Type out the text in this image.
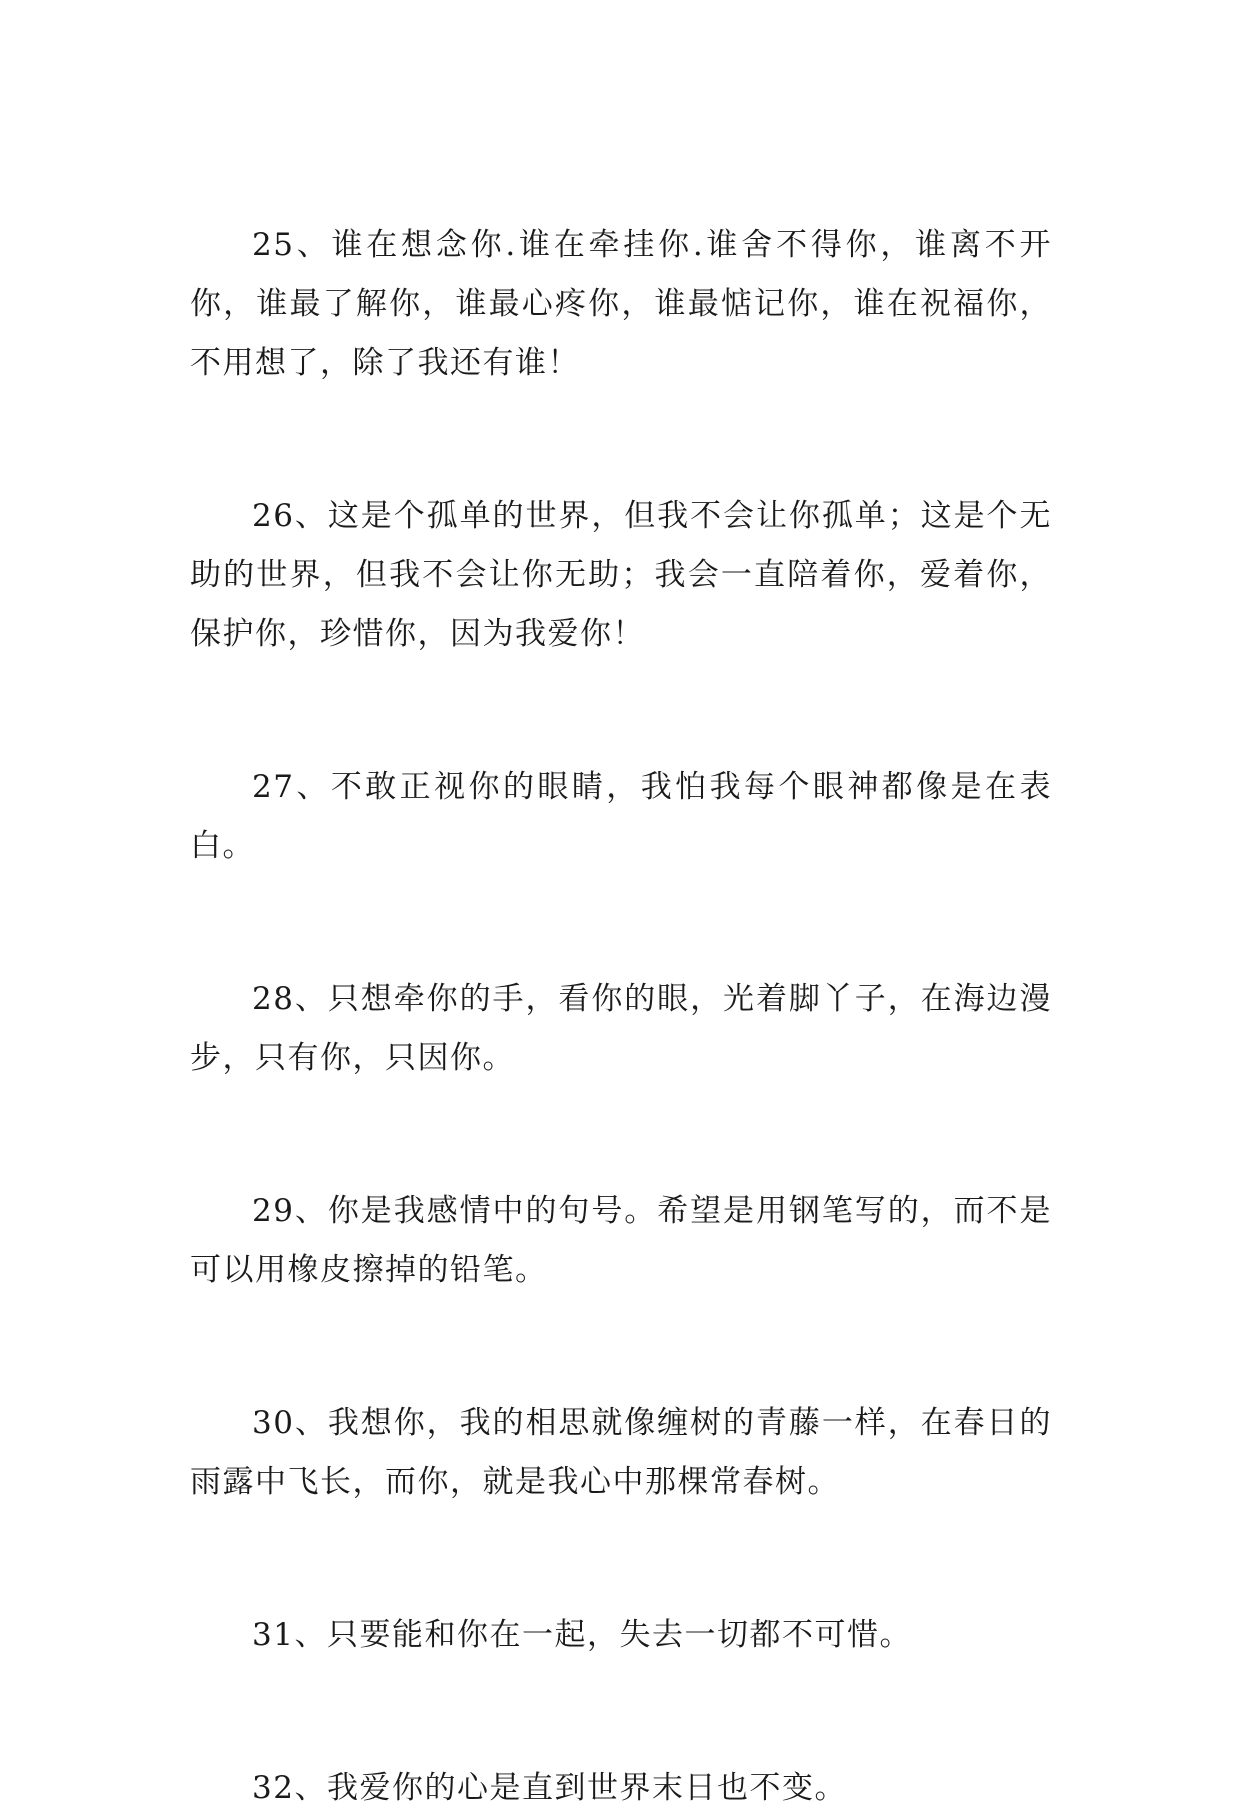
25、谁在想念你.谁在牵挂你.谁舍不得你，谁离不开你，谁最了解你，谁最心疼你，谁最惦记你，谁在祝福你，不用想了，除了我还有谁！

26、这是个孤单的世界，但我不会让你孤单；这是个无助的世界，但我不会让你无助；我会一直陪着你，爱着你，保护你，珍惜你，因为我爱你！

27、不敢正视你的眼睛，我怕我每个眼神都像是在表白。

28、只想牵你的手，看你的眼，光着脚丫子，在海边漫步，只有你，只因你。

29、你是我感情中的句号。希望是用钢笔写的，而不是可以用橡皮擦掉的铅笔。

30、我想你，我的相思就像缠树的青藤一样，在春日的雨露中飞长，而你，就是我心中那棵常春树。

31、只要能和你在一起，失去一切都不可惜。

32、我爱你的心是直到世界末日也不变。
